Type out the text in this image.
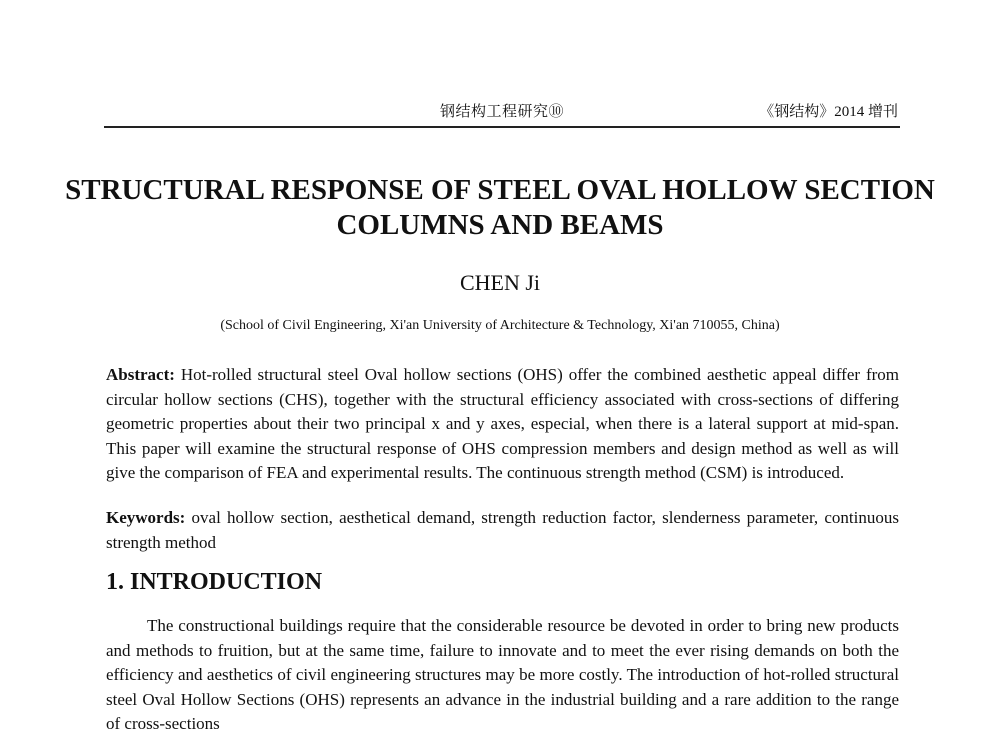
钢结构工程研究⑩	《钢结构》2014 增刊
STRUCTURAL RESPONSE OF STEEL OVAL HOLLOW SECTION COLUMNS AND BEAMS
CHEN Ji
(School of Civil Engineering, Xi'an University of Architecture & Technology, Xi'an 710055, China)
Abstract: Hot-rolled structural steel Oval hollow sections (OHS) offer the combined aesthetic appeal differ from circular hollow sections (CHS), together with the structural efficiency associated with cross-sections of differing geometric properties about their two principal x and y axes, especial, when there is a lateral support at mid-span. This paper will examine the structural response of OHS compression members and design method as well as will give the comparison of FEA and experimental results. The continuous strength method (CSM) is introduced.
Keywords: oval hollow section, aesthetical demand, strength reduction factor, slenderness parameter, continuous strength method
1. INTRODUCTION
The constructional buildings require that the considerable resource be devoted in order to bring new products and methods to fruition, but at the same time, failure to innovate and to meet the ever rising demands on both the efficiency and aesthetics of civil engineering structures may be more costly. The introduction of hot-rolled structural steel Oval Hollow Sections (OHS) represents an advance in the industrial building and a rare addition to the range of cross-sections
